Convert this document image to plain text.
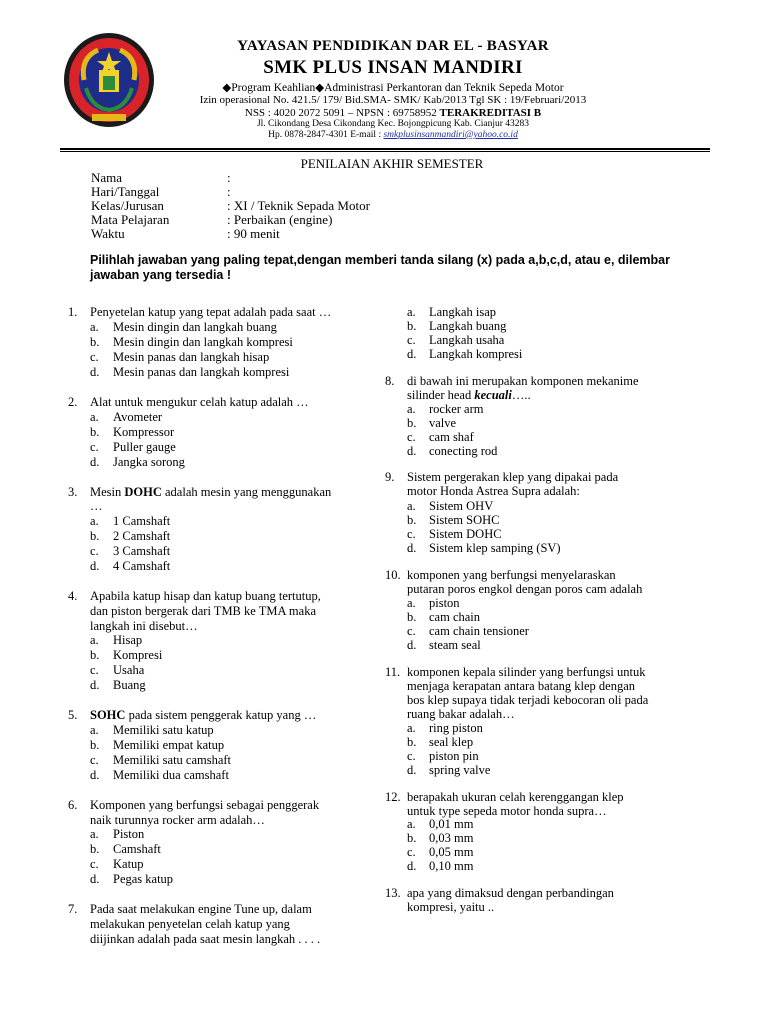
YAYASAN PENDIDIKAN DAR EL - BASYAR
SMK PLUS INSAN MANDIRI
◆Program Keahlian◆Administrasi Perkantoran dan Teknik Sepeda Motor
Izin operasional No. 421.5/ 179/ Bid.SMA- SMK/ Kab/2013 Tgl SK : 19/Februari/2013
NSS : 4020 2072 5091 – NPSN : 69758952 TERAKREDITASI B
Jl. Cikondang Desa Cikondang Kec. Bojongpicung Kab. Cianjur 43283
Hp. 0878-2847-4301 E-mail : smkplusinsanmandiri@yahoo.co.id
PENILAIAN AKHIR SEMESTER
Nama	:
Hari/Tanggal	:
Kelas/Jurusan	: XI / Teknik Sepada Motor
Mata Pelajaran	: Perbaikan (engine)
Waktu	: 90 menit
Pilihlah jawaban yang paling tepat,dengan memberi tanda silang (x) pada a,b,c,d, atau e, dilembar
jawaban yang tersedia !
1. Penyetelan katup yang tepat adalah pada saat …
a. Mesin dingin dan langkah buang
b. Mesin dingin dan langkah kompresi
c. Mesin panas dan langkah hisap
d. Mesin panas dan langkah kompresi
2. Alat untuk mengukur celah katup adalah …
a. Avometer
b. Kompressor
c. Puller gauge
d. Jangka sorong
3. Mesin DOHC adalah mesin yang menggunakan
…
a. 1 Camshaft
b. 2 Camshaft
c. 3 Camshaft
d. 4 Camshaft
4. Apabila katup hisap dan katup buang tertutup,
dan piston bergerak dari TMB ke TMA maka
langkah ini disebut…
a. Hisap
b. Kompresi
c. Usaha
d. Buang
5. SOHC pada sistem penggerak katup yang …
a. Memiliki satu katup
b. Memiliki empat katup
c. Memiliki satu camshaft
d. Memiliki dua camshaft
6. Komponen yang berfungsi sebagai penggerak
naik turunnya rocker arm adalah…
a. Piston
b. Camshaft
c. Katup
d. Pegas katup
7. Pada saat melakukan engine Tune up, dalam
melakukan penyetelan celah katup yang
diijinkan adalah pada saat mesin langkah . . . .
a. Langkah isap
b. Langkah buang
c. Langkah usaha
d. Langkah kompresi
8. di bawah ini merupakan komponen mekanime
silinder head kecuali…..
a. rocker arm
b. valve
c. cam shaf
d. conecting rod
9. Sistem pergerakan klep yang dipakai pada
motor Honda Astrea Supra adalah:
a. Sistem OHV
b. Sistem SOHC
c. Sistem DOHC
d. Sistem klep samping (SV)
10. komponen yang berfungsi menyelaraskan
putaran poros engkol dengan poros cam adalah
a. piston
b. cam chain
c. cam chain tensioner
d. steam seal
11. komponen kepala silinder yang berfungsi untuk
menjaga kerapatan antara batang klep dengan
bos klep supaya tidak terjadi kebocoran oli pada
ruang bakar adalah…
a. ring piston
b. seal klep
c. piston pin
d. spring valve
12. berapakah ukuran celah kerenggangan klep
untuk type sepeda motor honda supra…
a. 0,01 mm
b. 0,03 mm
c. 0,05 mm
d. 0,10 mm
13. apa yang dimaksud dengan perbandingan
kompresi, yaitu ..
